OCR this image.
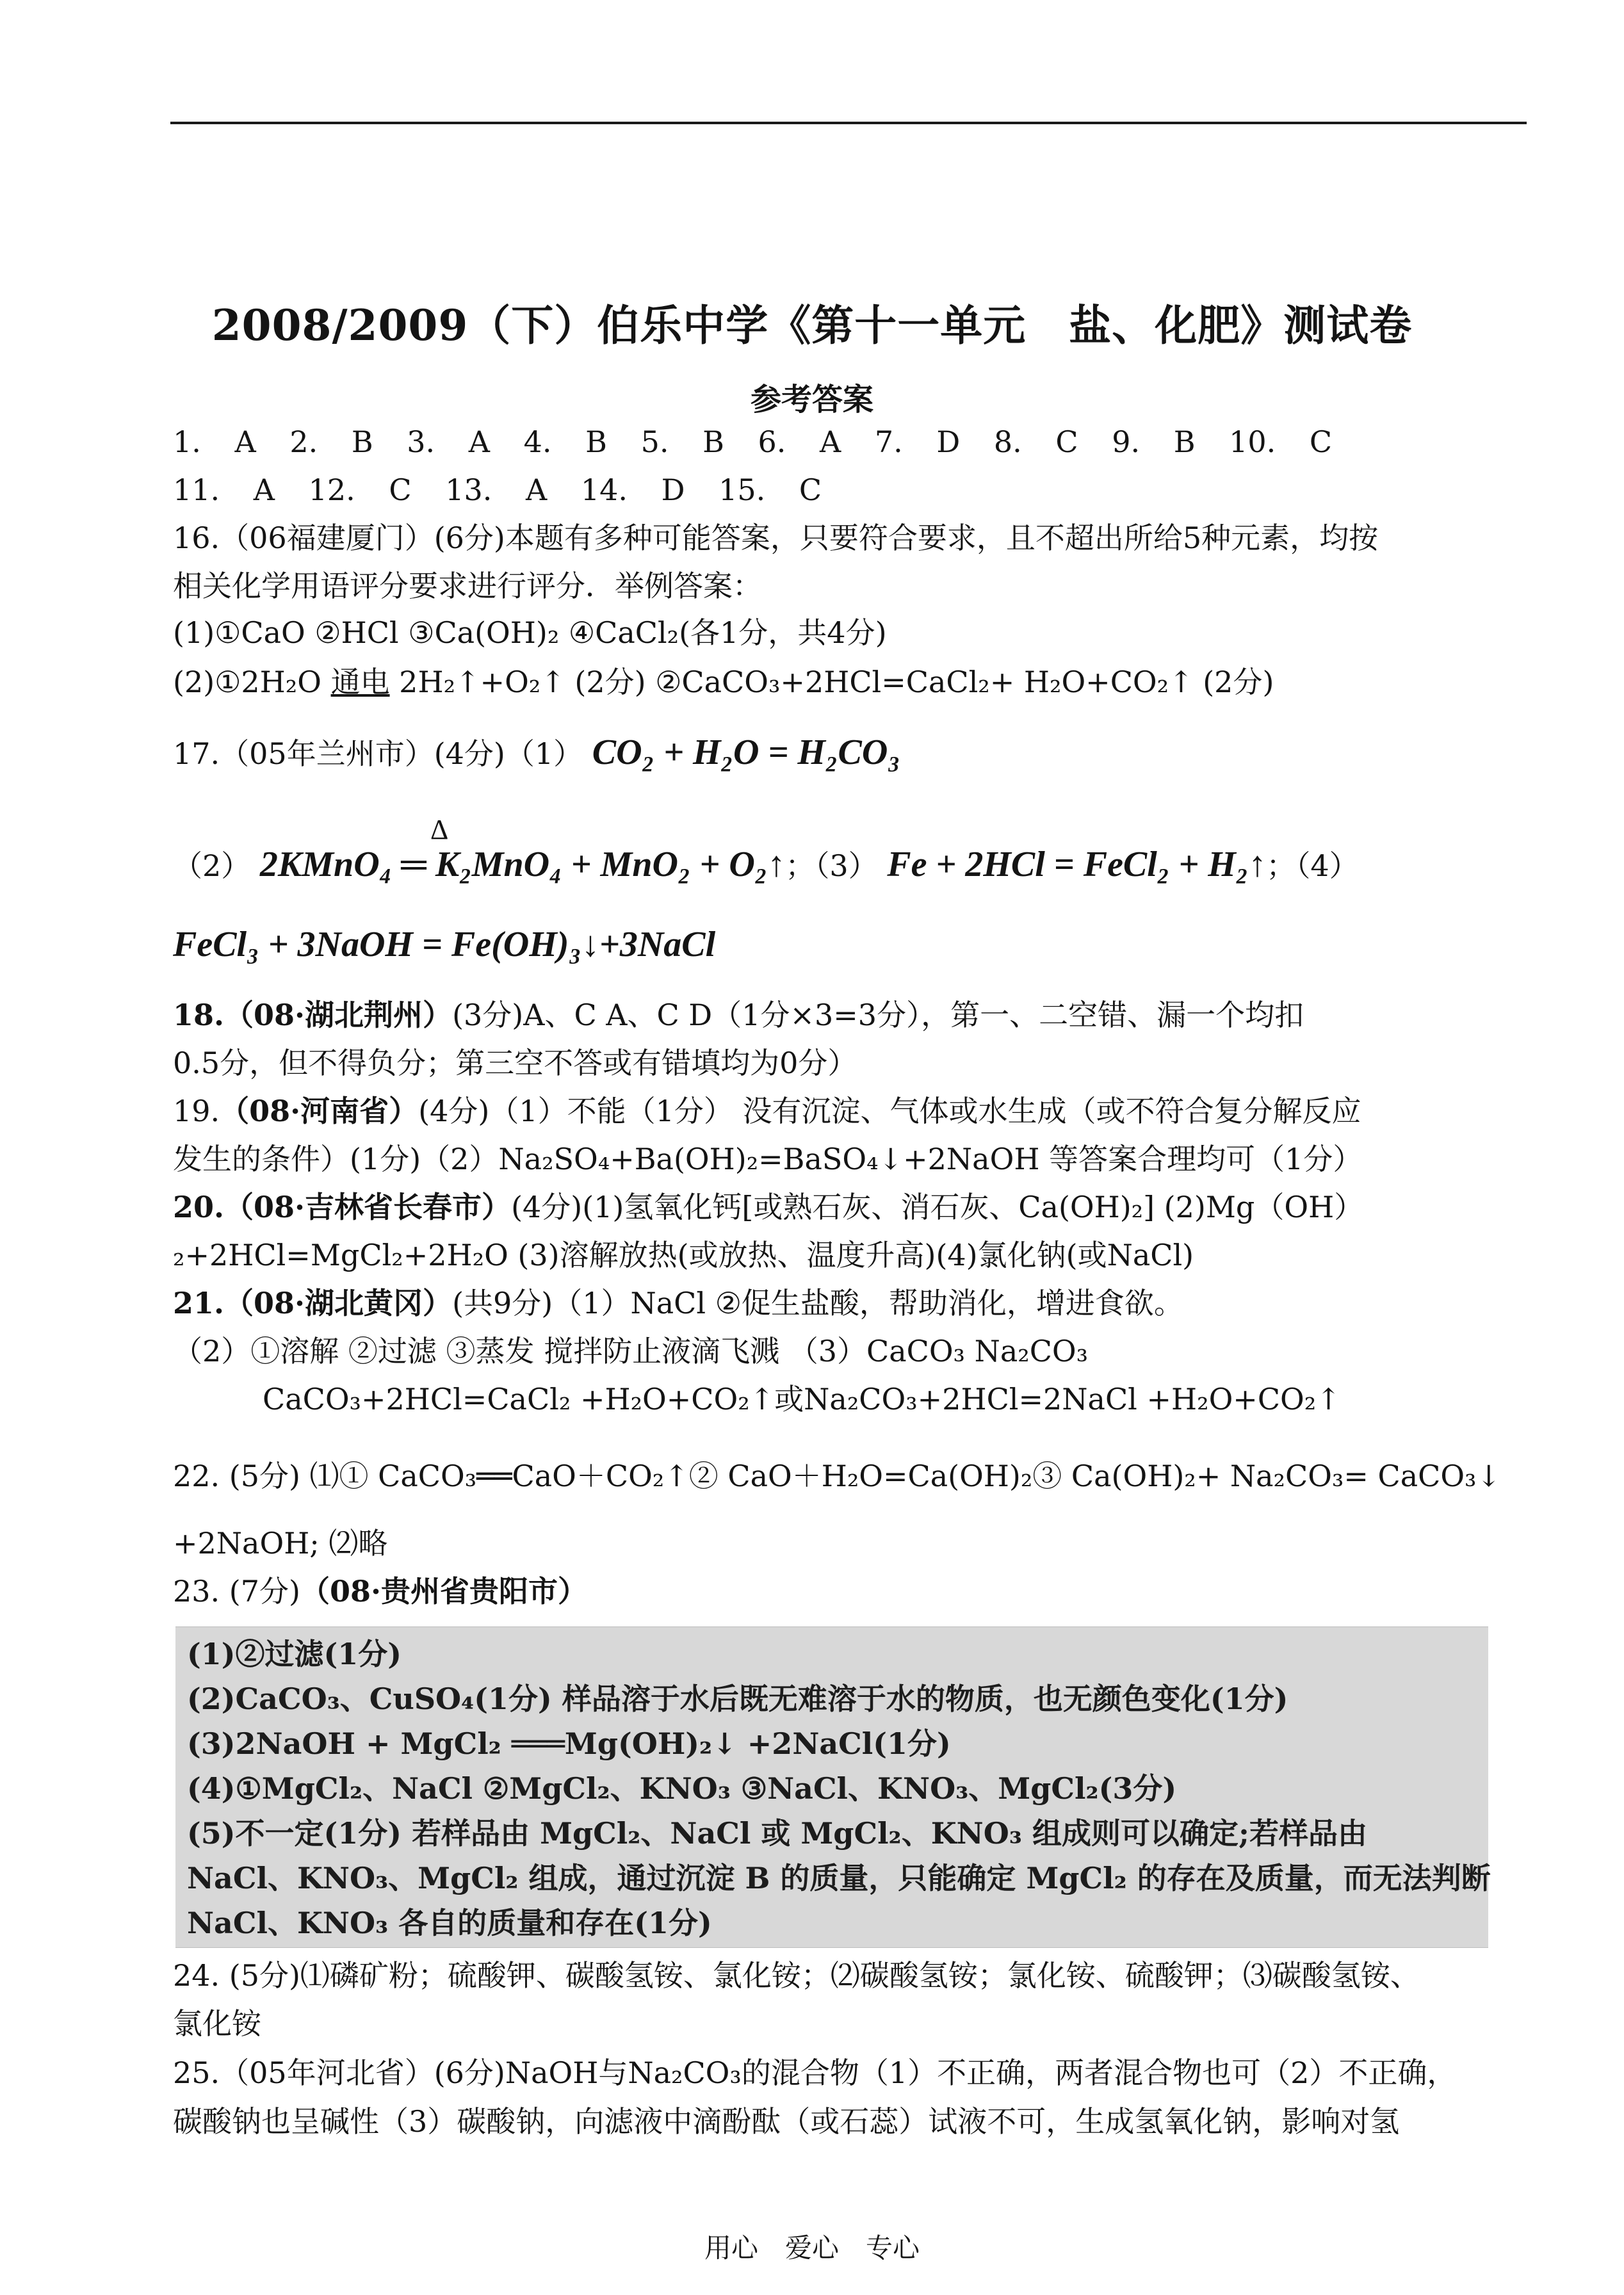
2008/2009（下）伯乐中学《第十一单元　盐、化肥》测试卷
参考答案
1. A 2. B 3. A 4. B 5. B 6. A 7. D 8. C 9. B 10. C
11. A 12. C 13. A 14. D 15. C
16.（06福建厦门）(6分)本题有多种可能答案，只要符合要求，且不超出所给5种元素，均按
相关化学用语评分要求进行评分．举例答案：
(1)①CaO ②HCl ③Ca(OH)₂ ④CaCl₂(各1分，共4分)
(2)①2H₂O 通电 2H₂↑+O₂↑ (2分) ②CaCO₃+2HCl=CaCl₂+ H₂O+CO₂↑ (2分)
17.（05年兰州市）(4分)（1） CO₂ + H₂O = H₂CO₃
Δ
（2） 2KMnO₄ ═ K₂MnO₄ + MnO₂ + O₂↑；（3） Fe + 2HCl = FeCl₂ + H₂↑；（4）
FeCl₃ + 3NaOH = Fe(OH)₃↓+3NaCl
18.（08·湖北荆州）(3分)A、C A、C D（1分×3=3分），第一、二空错、漏一个均扣
0.5分，但不得负分；第三空不答或有错填均为0分）
19.（08·河南省）(4分)（1）不能（1分） 没有沉淀、气体或水生成（或不符合复分解反应
发生的条件）(1分)（2）Na₂SO₄+Ba(OH)₂=BaSO₄↓+2NaOH 等答案合理均可（1分）
20.（08·吉林省长春市）(4分)(1)氢氧化钙[或熟石灰、消石灰、Ca(OH)₂] (2)Mg（OH）
₂+2HCl=MgCl₂+2H₂O (3)溶解放热(或放热、温度升高)(4)氯化钠(或NaCl)
21.（08·湖北黄冈）(共9分)（1）NaCl ②促生盐酸，帮助消化，增进食欲。
（2）①溶解 ②过滤 ③蒸发 搅拌防止液滴飞溅 （3）CaCO₃ Na₂CO₃
CaCO₃+2HCl=CaCl₂ +H₂O+CO₂↑或Na₂CO₃+2HCl=2NaCl +H₂O+CO₂↑
22. (5分) ⑴① CaCO₃══CaO＋CO₂↑② CaO＋H₂O=Ca(OH)₂③ Ca(OH)₂+ Na₂CO₃= CaCO₃↓
+2NaOH; ⑵略
23. (7分)（08·贵州省贵阳市）
(1)②过滤(1分)
(2)CaCO₃、CuSO₄(1分) 样品溶于水后既无难溶于水的物质，也无颜色变化(1分)
(3)2NaOH + MgCl₂ ═══Mg(OH)₂↓ +2NaCl(1分)
(4)①MgCl₂、NaCl ②MgCl₂、KNO₃ ③NaCl、KNO₃、MgCl₂(3分)
(5)不一定(1分) 若样品由 MgCl₂、NaCl 或 MgCl₂、KNO₃ 组成则可以确定;若样品由
NaCl、KNO₃、MgCl₂ 组成，通过沉淀 B 的质量，只能确定 MgCl₂ 的存在及质量，而无法判断
NaCl、KNO₃ 各自的质量和存在(1分)
24. (5分)⑴磷矿粉；硫酸钾、碳酸氢铵、氯化铵；⑵碳酸氢铵；氯化铵、硫酸钾；⑶碳酸氢铵、
氯化铵
25.（05年河北省）(6分)NaOH与Na₂CO₃的混合物（1）不正确，两者混合物也可（2）不正确，
碳酸钠也呈碱性（3）碳酸钠，向滤液中滴酚酞（或石蕊）试液不可，生成氢氧化钠，影响对氢
用心　爱心　专心
